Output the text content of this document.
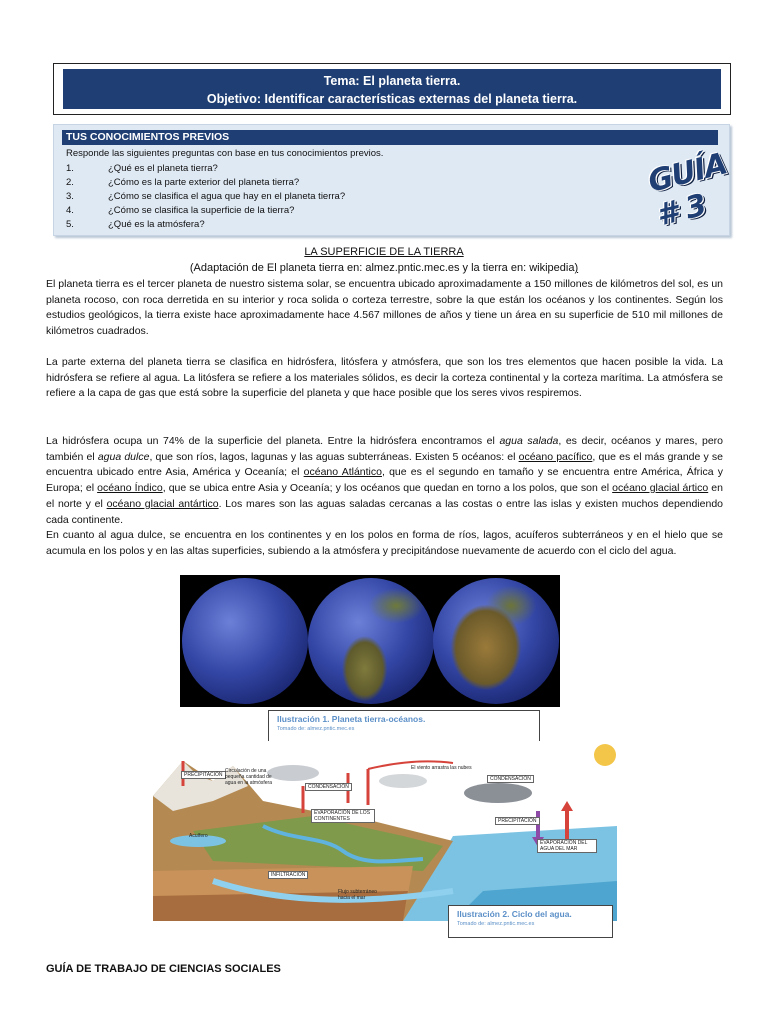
Tema: El planeta tierra.
Objetivo: Identificar características externas del planeta tierra.
TUS CONOCIMIENTOS PREVIOS
Responde las siguientes preguntas con base en tus conocimientos previos.
1.	¿Qué es el planeta tierra?
2.	¿Cómo es la parte exterior del planeta tierra?
3.	¿Cómo se clasifica el agua que hay en el planeta tierra?
4.	¿Cómo se clasifica la superficie de la tierra?
5.	¿Qué es la atmósfera?
GUÍA # 3
LA SUPERFICIE DE LA TIERRA
(Adaptación de El planeta tierra en: almez.pntic.mec.es y la tierra en: wikipedia)
El planeta tierra es el tercer planeta de nuestro sistema solar, se encuentra ubicado aproximadamente a 150 millones de kilómetros del sol, es un planeta rocoso, con roca derretida en su interior y roca solida o corteza terrestre, sobre la que están los océanos y los continentes. Según los estudios geológicos, la tierra existe hace aproximadamente hace 4.567 millones de años y tiene un área en su superficie de 510 mil millones de kilómetros cuadrados.
La parte externa del planeta tierra se clasifica en hidrósfera, litósfera y atmósfera, que son los tres elementos que hacen posible la vida. La hidrósfera se refiere al agua. La litósfera se refiere a los materiales sólidos, es decir la corteza continental y la corteza marítima. La atmósfera se refiere a la capa de gas que está sobre la superficie del planeta y que hace posible que los seres vivos respiremos.
La hidrósfera ocupa un 74% de la superficie del planeta. Entre la hidrósfera encontramos el agua salada, es decir, océanos y mares, pero también el agua dulce, que son ríos, lagos, lagunas y las aguas subterráneas. Existen 5 océanos: el océano pacífico, que es el más grande y se encuentra ubicado entre Asia, América y Oceanía; el océano Atlántico, que es el segundo en tamaño y se encuentra entre América, África y Europa; el océano Índico, que se ubica entre Asia y Oceanía; y los océanos que quedan en torno a los polos, que son el océano glacial ártico en el norte y el océano glacial antártico. Los mares son las aguas saladas cercanas a las costas o entre las islas y existen muchos dependiendo cada continente.
En cuanto al agua dulce, se encuentra en los continentes y en los polos en forma de ríos, lagos, acuíferos subterráneos y en el hielo que se acumula en los polos y en las altas superficies, subiendo a la atmósfera y precipitándose nuevamente de acuerdo con el ciclo del agua.
Ilustración 1. Planeta tierra-océanos.
Tomado de: almez.pntic.mec.es
PRECIPITACIÓN
Circulación de una pequeña cantidad de agua en la atmósfera
CONDENSACIÓN
EVAPORACIÓN DE LOS CONTINENTES
El viento arrastra las nubes
CONDENSACIÓN
PRECIPITACIÓN
EVAPORACIÓN DEL AGUA DEL MAR
Acuífero
INFILTRACIÓN
Flujo subterráneo hacia el mar
Ilustración 2. Ciclo del agua.
Tomado de: almez.pntic.mec.es
GUÍA DE TRABAJO DE CIENCIAS SOCIALES
